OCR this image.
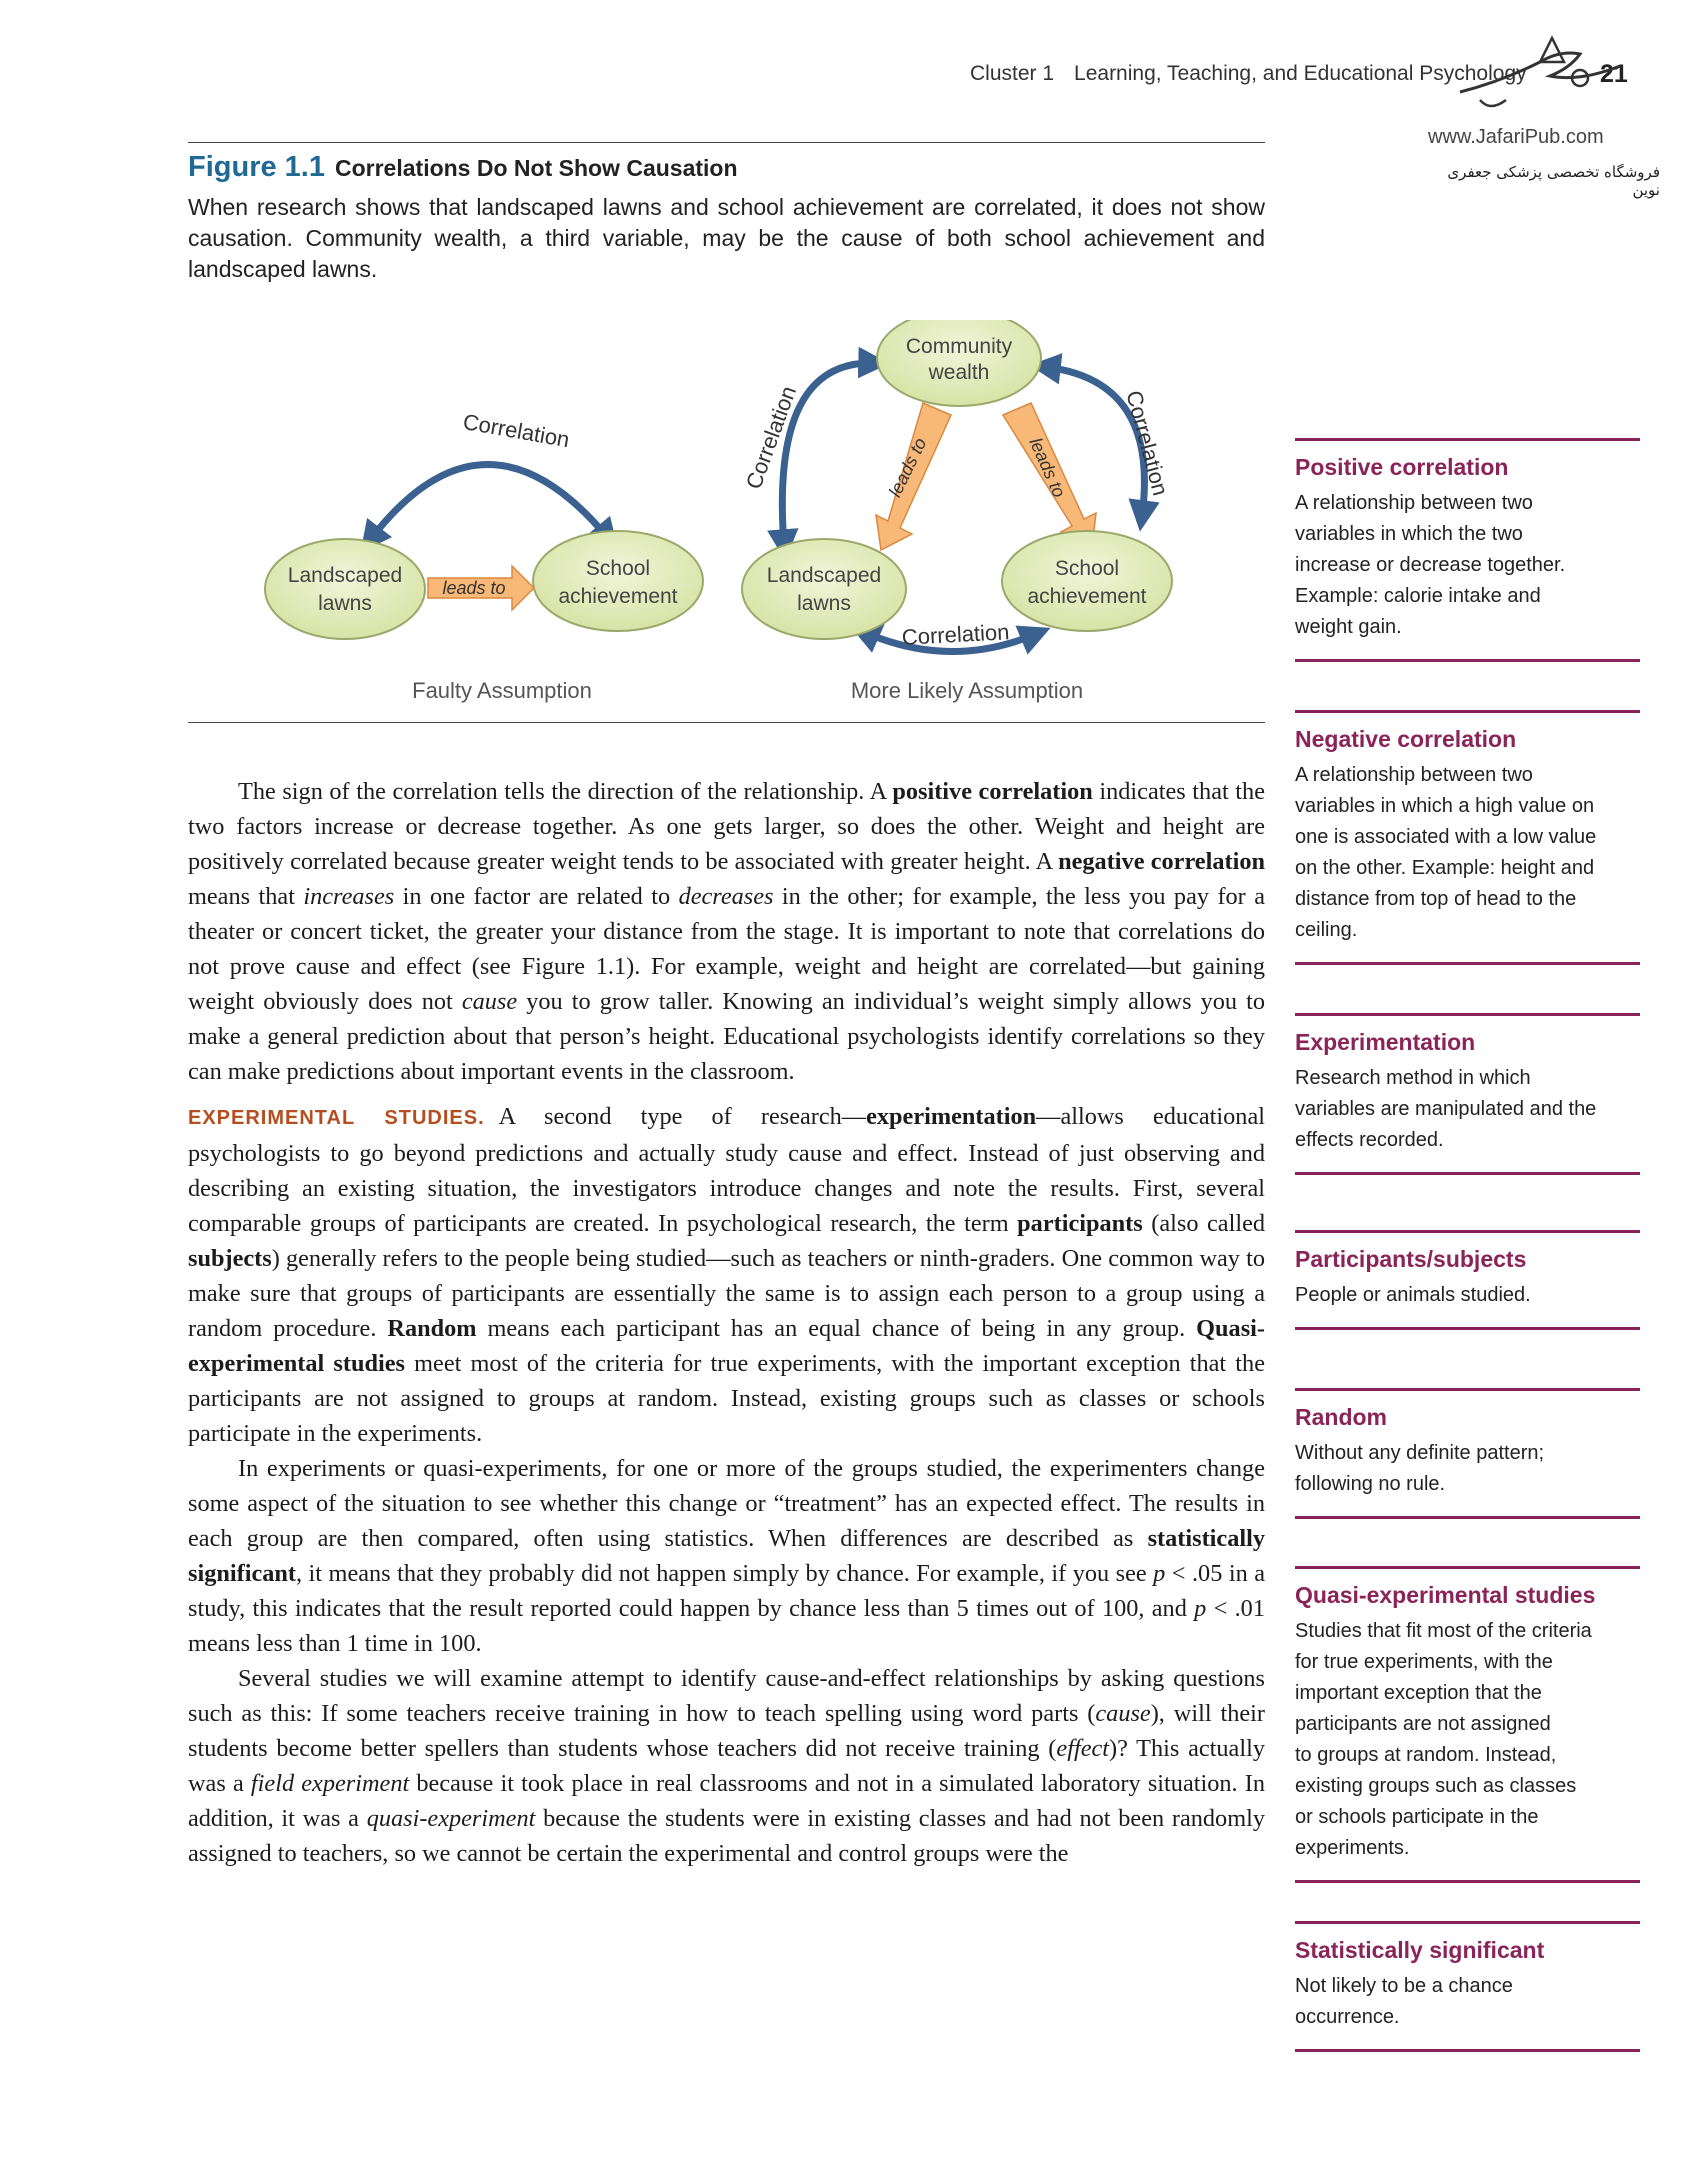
Cluster 1 Learning, Teaching, and Educational Psychology	21
www.JafariPub.com
فروشگاه تخصصی پزشکی جعفری نوین
Figure 1.1 Correlations Do Not Show Causation
When research shows that landscaped lawns and school achievement are correlated, it does not show causation. Community wealth, a third variable, may be the cause of both school achievement and landscaped lawns.
Correlation
Landscaped
lawns
School
achievement
leads to
Faulty Assumption
Correlation	Correlation
Correlation
leads to	leads to
Community
wealth
Landscaped
lawns
School
achievement
More Likely Assumption

The sign of the correlation tells the direction of the relationship. A positive correlation indicates that the two factors increase or decrease together. As one gets larger, so does the other. Weight and height are positively correlated because greater weight tends to be associated with greater height. A negative correlation means that increases in one factor are related to decreases in the other; for example, the less you pay for a theater or concert ticket, the greater your distance from the stage. It is important to note that correlations do not prove cause and effect (see Figure 1.1). For example, weight and height are correlated—but gaining weight obviously does not cause you to grow taller. Knowing an individual’s weight simply allows you to make a general prediction about that person’s height. Educational psychologists identify correlations so they can make predictions about important events in the classroom.

EXPERIMENTAL STUDIES. A second type of research—experimentation—allows educational psychologists to go beyond predictions and actually study cause and effect. Instead of just observing and describing an existing situation, the investigators introduce changes and note the results. First, several comparable groups of participants are created. In psychological research, the term participants (also called subjects) generally refers to the people being studied—such as teachers or ninth-graders. One common way to make sure that groups of participants are essentially the same is to assign each person to a group using a random procedure. Random means each participant has an equal chance of being in any group. Quasi-experimental studies meet most of the criteria for true experiments, with the important exception that the participants are not assigned to groups at random. Instead, existing groups such as classes or schools participate in the experiments.

In experiments or quasi-experiments, for one or more of the groups studied, the experimenters change some aspect of the situation to see whether this change or “treatment” has an expected effect. The results in each group are then compared, often using statistics. When differences are described as statistically significant, it means that they probably did not happen simply by chance. For example, if you see p < .05 in a study, this indicates that the result reported could happen by chance less than 5 times out of 100, and p < .01 means less than 1 time in 100.

Several studies we will examine attempt to identify cause-and-effect relationships by asking questions such as this: If some teachers receive training in how to teach spelling using word parts (cause), will their students become better spellers than students whose teachers did not receive training (effect)? This actually was a field experiment because it took place in real classrooms and not in a simulated laboratory situation. In addition, it was a quasi-experiment because the students were in existing classes and had not been randomly assigned to teachers, so we cannot be certain the experimental and control groups were the

Positive correlation
A relationship between two
variables in which the two
increase or decrease together.
Example: calorie intake and
weight gain.
Negative correlation
A relationship between two
variables in which a high value on
one is associated with a low value
on the other. Example: height and
distance from top of head to the
ceiling.
Experimentation
Research method in which
variables are manipulated and the
effects recorded.
Participants/subjects
People or animals studied.
Random
Without any definite pattern;
following no rule.
Quasi-experimental studies
Studies that fit most of the criteria
for true experiments, with the
important exception that the
participants are not assigned
to groups at random. Instead,
existing groups such as classes
or schools participate in the
experiments.
Statistically significant
Not likely to be a chance
occurrence.
